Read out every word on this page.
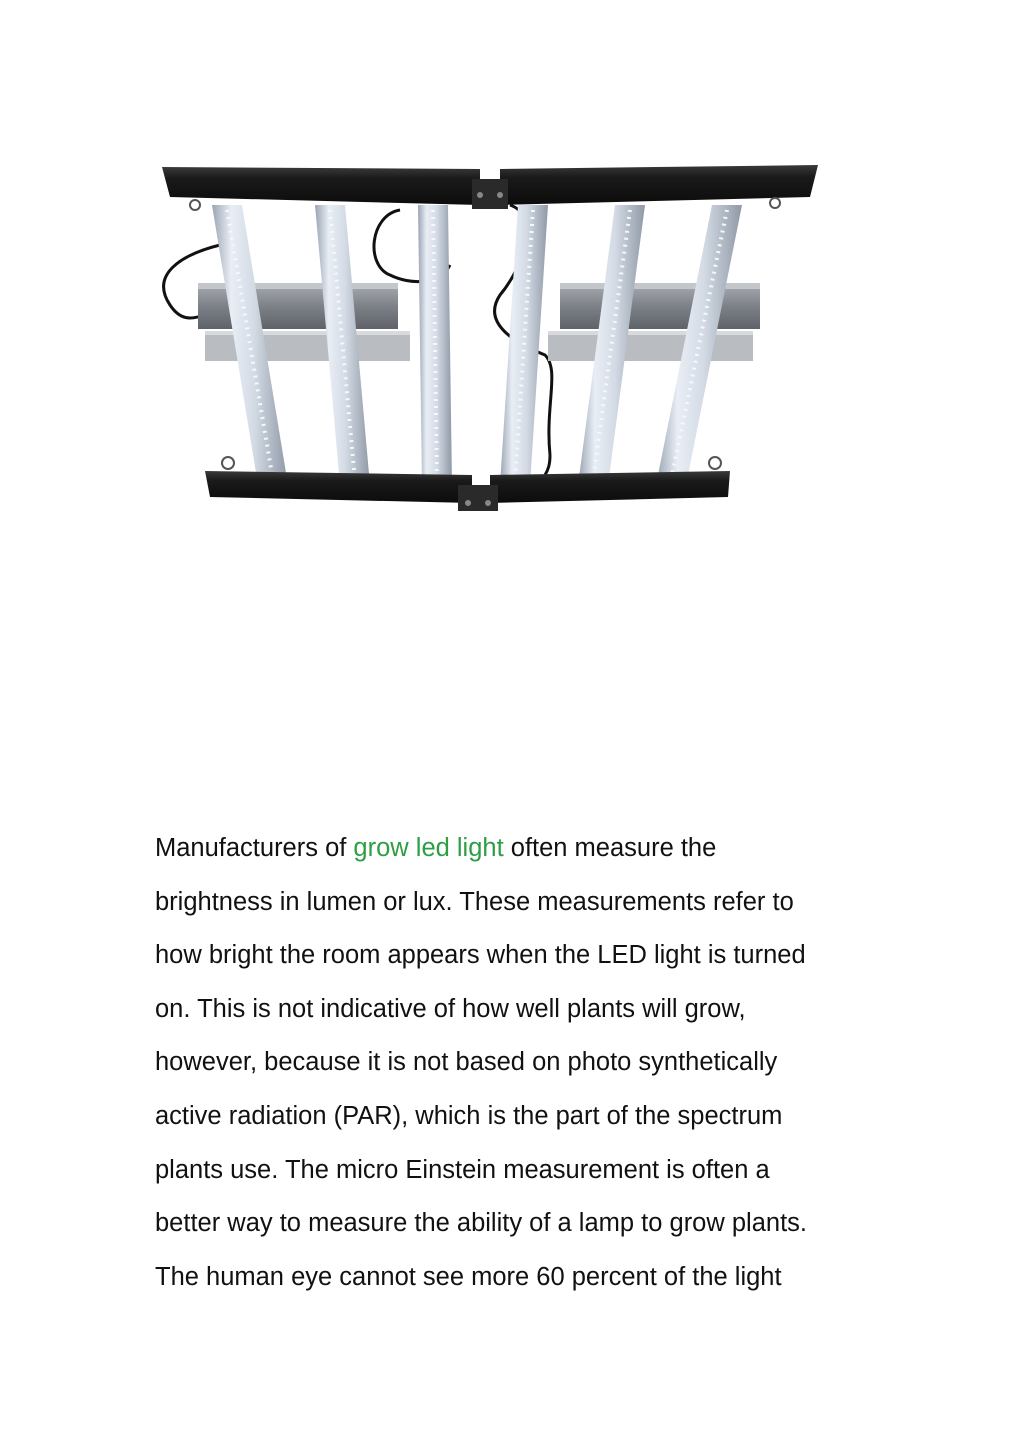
Manufacturers of grow led light often measure the
brightness in lumen or lux. These measurements refer to
how bright the room appears when the LED light is turned
on. This is not indicative of how well plants will grow,
however, because it is not based on photo synthetically
active radiation (PAR), which is the part of the spectrum
plants use. The micro Einstein measurement is often a
better way to measure the ability of a lamp to grow plants.
The human eye cannot see more 60 percent of the light
